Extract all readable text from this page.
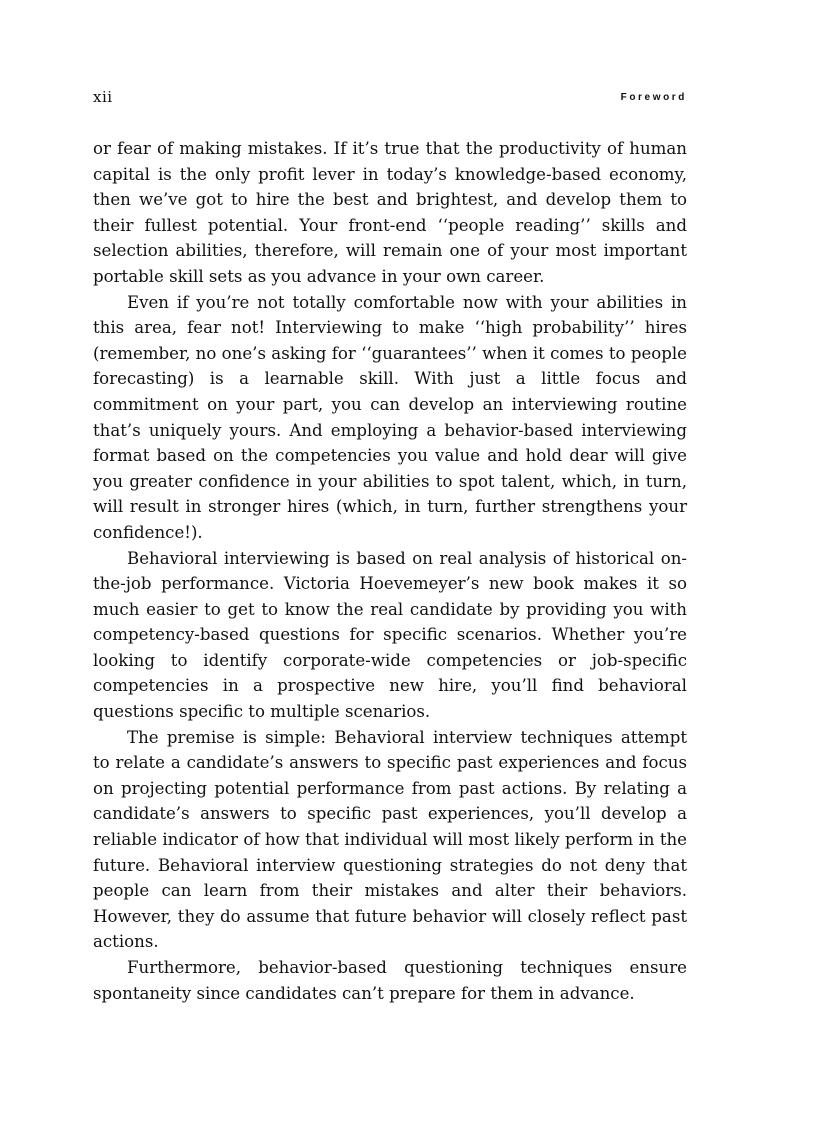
xii	Foreword

or fear of making mistakes. If it’s true that the productivity of human capital is the only profit lever in today’s knowledge-based economy, then we’ve got to hire the best and brightest, and develop them to their fullest potential. Your front-end ‘‘people reading’’ skills and selection abilities, therefore, will remain one of your most important portable skill sets as you advance in your own career.

Even if you’re not totally comfortable now with your abilities in this area, fear not! Interviewing to make ‘‘high probability’’ hires (remember, no one’s asking for ‘‘guarantees’’ when it comes to people forecasting) is a learnable skill. With just a little focus and commitment on your part, you can develop an interviewing routine that’s uniquely yours. And employing a behavior-based interviewing format based on the competencies you value and hold dear will give you greater confidence in your abilities to spot talent, which, in turn, will result in stronger hires (which, in turn, further strengthens your confidence!).

Behavioral interviewing is based on real analysis of historical on-the-job performance. Victoria Hoevemeyer’s new book makes it so much easier to get to know the real candidate by providing you with competency-based questions for specific scenarios. Whether you’re looking to identify corporate-wide competencies or job-specific competencies in a prospective new hire, you’ll find behavioral questions specific to multiple scenarios.

The premise is simple: Behavioral interview techniques attempt to relate a candidate’s answers to specific past experiences and focus on projecting potential performance from past actions. By relating a candidate’s answers to specific past experiences, you’ll develop a reliable indicator of how that individual will most likely perform in the future. Behavioral interview questioning strategies do not deny that people can learn from their mistakes and alter their behaviors. However, they do assume that future behavior will closely reflect past actions.

Furthermore, behavior-based questioning techniques ensure spontaneity since candidates can’t prepare for them in advance.
